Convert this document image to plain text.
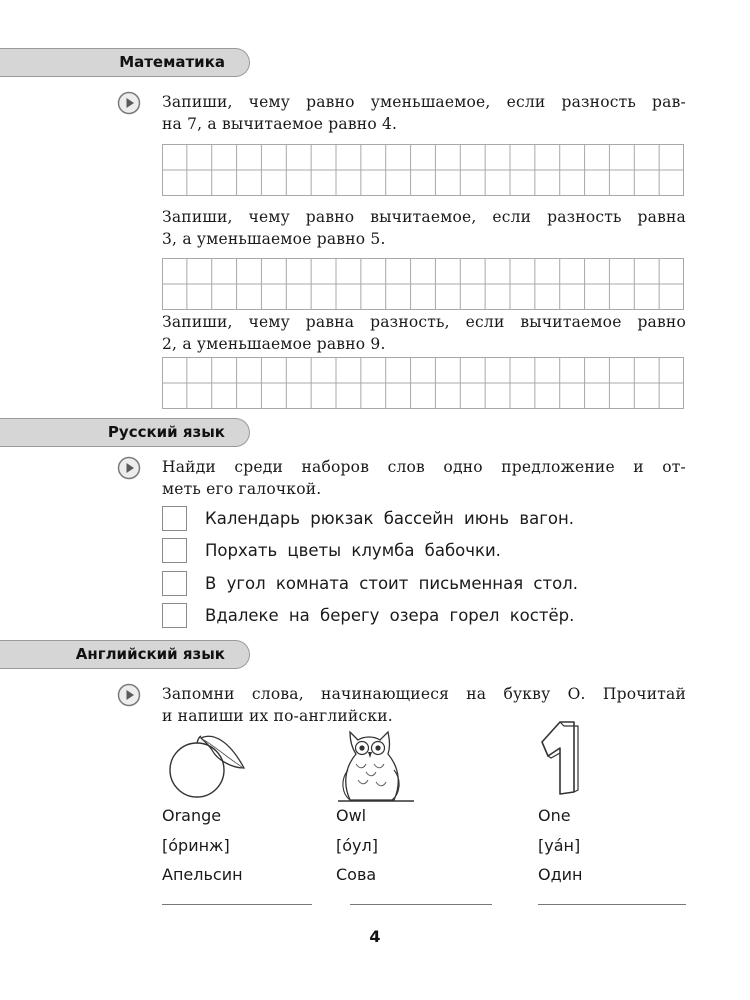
Математика
Запиши, чему равно уменьшаемое, если разность рав-
на 7, а вычитаемое равно 4.
Запиши, чему равно вычитаемое, если разность равна
3, а уменьшаемое равно 5.
Запиши, чему равна разность, если вычитаемое равно
2, а уменьшаемое равно 9.
Русский язык
Найди среди наборов слов одно предложение и от-
меть его галочкой.
Календарь рюкзак бассейн июнь вагон.
Порхать цветы клумба бабочки.
В угол комната стоит письменная стол.
Вдалеке на берегу озера горел костёр.
Английский язык
Запомни слова, начинающиеся на букву О. Прочитай
и напиши их по-английски.
Orange
[óринж]
Апельсин
Owl
[óул]
Сова
One
[уáн]
Один
4
